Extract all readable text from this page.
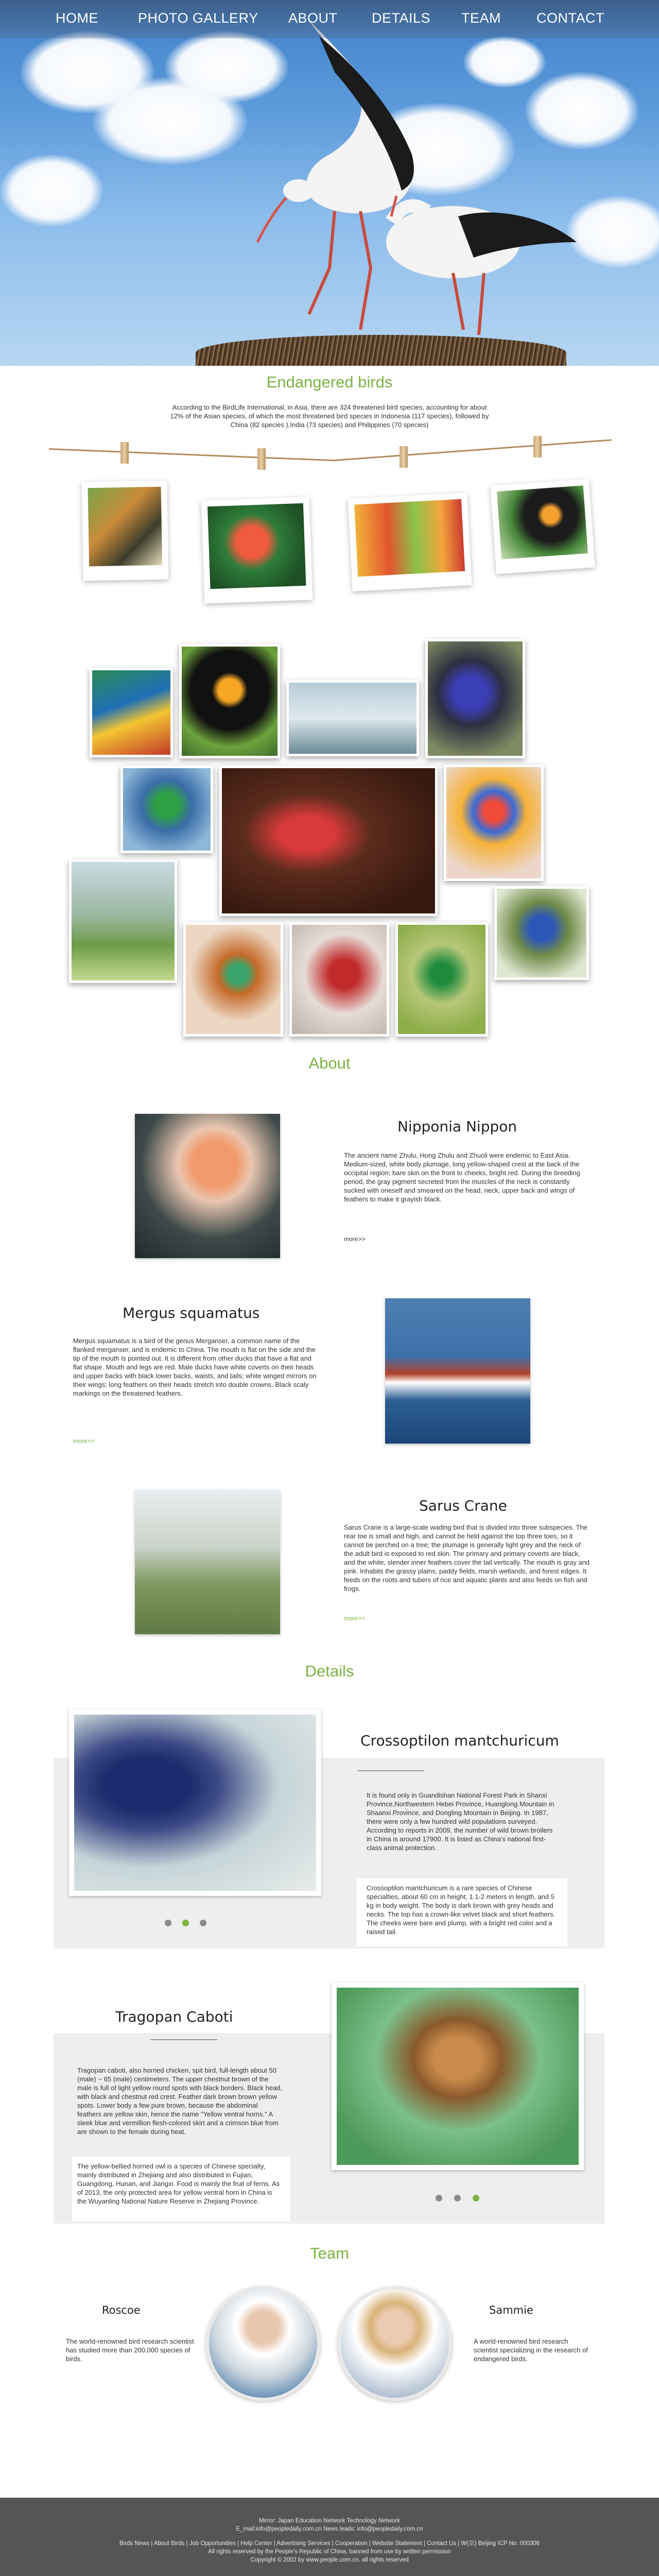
HOME	PHOTO GALLERY ABOUT DETAILS TEAM	CONTACT
Endangered birds
According to the BirdLife International, in Asia, there are 324 threatened bird species, accounting for about 12% of the Asian species, of which the most threatened bird species in Indonesia (117 species), followed by China (82 species ),India (73 species) and Philippines (70 species)
About
Nipponia Nippon
The ancient name Zhulu, Hong Zhulu and Zhuoli were endemic to East Asia. Medium-sized, white body plumage, long yellow-shaped crest at the back of the occipital region; bare skin on the front to cheeks, bright red. During the breeding period, the gray pigment secreted from the muscles of the neck is constantly sucked with oneself and smeared on the head, neck, upper back and wings of feathers to make it grayish black.
more>>
Mergus squamatus
Mergus squamatus is a bird of the genus Merganser, a common name of the flanked merganser, and is endemic to China. The mouth is flat on the side and the tip of the mouth is pointed out. It is different from other ducks that have a flat and flat shape. Mouth and legs are red. Male ducks have white coverts on their heads and upper backs with black lower backs, waists, and tails; white winged mirrors on their wings; long feathers on their heads stretch into double crowns. Black scaly markings on the threatened feathers.
more>>
Sarus Crane
Sarus Crane is a large-scale wading bird that is divided into three subspecies. The rear toe is small and high, and cannot be held against the top three toes, so it cannot be perched on a tree; the plumage is generally light grey and the neck of the adult bird is exposed to red skin. The primary and primary coverts are black, and the white, slender inner feathers cover the tail vertically. The mouth is gray and pink. Inhabits the grassy plains, paddy fields, marsh wetlands, and forest edges. It feeds on the roots and tubers of rice and aquatic plants and also feeds on fish and frogs.
more>>
Details
Crossoptilon mantchuricum
It is found only in Guandishan National Forest Park in Shanxi Province,Northwestern Hebei Province, Huanglong Mountain in Shaanxi Province, and Dongling Mountain in Beijing. In 1987, there were only a few hundred wild populations surveyed. According to reports in 2009, the number of wild brown broilers in China is around 17900. It is listed as China's national first-class animal protection.
Crossoptilon mantchuricum is a rare species of Chinese specialties, about 60 cm in height, 1.1-2 meters in length, and 5 kg in body weight. The body is dark brown with grey heads and necks. The top has a crown-like velvet black and short feathers. The cheeks were bare and plump, with a bright red color and a raised tail.
Tragopan Caboti
Tragopan caboti, also horned chicken, spit bird, full-length about 50 (male) ~ 65 (male) centimeters. The upper chestnut brown of the male is full of light yellow round spots with black borders. Black head, with black and chestnut red crest. Feather dark brown brown yellow spots. Lower body a few pure brown, because the abdominal feathers are yellow skin, hence the name "Yellow ventral horns." A sleek blue and vermillion flesh-colored skirt and a crimson blue from are shown to the female during heat.
The yellow-bellied horned owl is a species of Chinese specialty, mainly distributed in Zhejiang and also distributed in Fujian, Guangdong, Hunan, and Jiangxi. Food is mainly the fruit of ferns. As of 2013, the only protected area for yellow ventral horn in China is the Wuyanling National Nature Reserve in Zhejiang Province.
Team
Roscoe
The world-renowned bird research scientist has studied more than 200,000 species of birds.
Sammie
A world-renowned bird research scientist specializing in the research of endangered birds.
Mirror: Japan Education Network Technology Network
E_mail:info@peopledaily.com.cn News leads: info@peopledaily.com.cn
Birds News | About Birds | Job Opportunities | Help Center | Advertising Services | Cooperation | Website Statement | Contact Us | W(京) Beijing ICP No. 000306
All rights reserved by the People's Republic of China, banned from use by written permission
Copyright © 2002 by www.people.com.cn. all rights reserved
